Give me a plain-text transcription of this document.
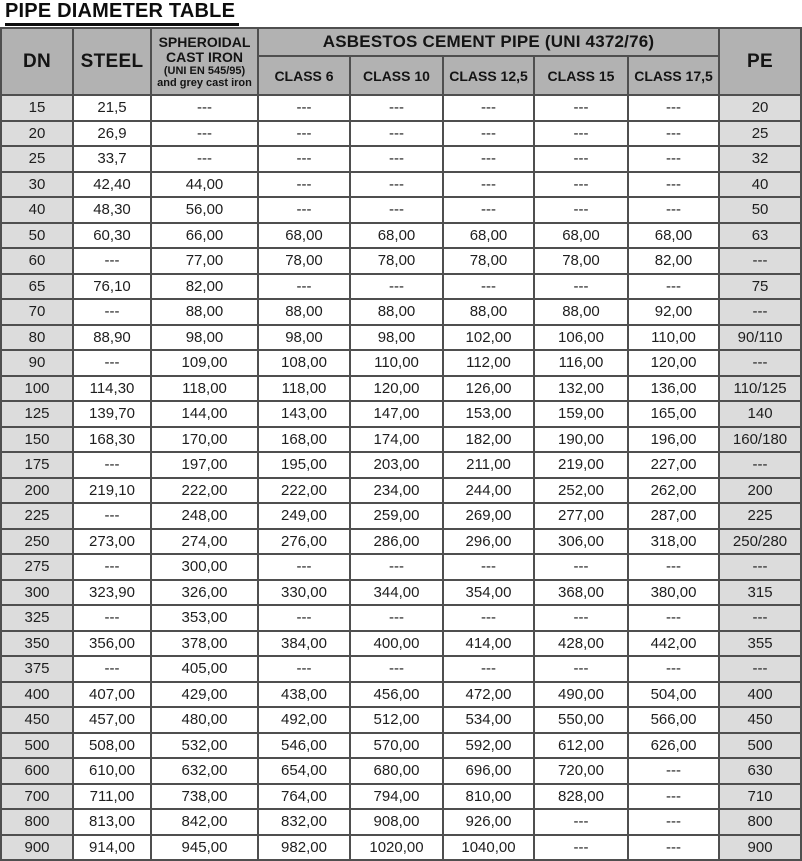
PIPE DIAMETER TABLE
DN	STEEL	SPHEROIDAL
CAST IRON
(UNI EN 545/95)
and grey cast iron	ASBESTOS CEMENT PIPE (UNI 4372/76)					PE
			CLASS 6	CLASS 10	CLASS 12,5	CLASS 15	CLASS 17,5	
15	21,5	---	---	---	---	---	---	20
20	26,9	---	---	---	---	---	---	25
25	33,7	---	---	---	---	---	---	32
30	42,40	44,00	---	---	---	---	---	40
40	48,30	56,00	---	---	---	---	---	50
50	60,30	66,00	68,00	68,00	68,00	68,00	68,00	63
60	---	77,00	78,00	78,00	78,00	78,00	82,00	---
65	76,10	82,00	---	---	---	---	---	75
70	---	88,00	88,00	88,00	88,00	88,00	92,00	---
80	88,90	98,00	98,00	98,00	102,00	106,00	110,00	90/110
90	---	109,00	108,00	110,00	112,00	116,00	120,00	---
100	114,30	118,00	118,00	120,00	126,00	132,00	136,00	110/125
125	139,70	144,00	143,00	147,00	153,00	159,00	165,00	140
150	168,30	170,00	168,00	174,00	182,00	190,00	196,00	160/180
175	---	197,00	195,00	203,00	211,00	219,00	227,00	---
200	219,10	222,00	222,00	234,00	244,00	252,00	262,00	200
225	---	248,00	249,00	259,00	269,00	277,00	287,00	225
250	273,00	274,00	276,00	286,00	296,00	306,00	318,00	250/280
275	---	300,00	---	---	---	---	---	---
300	323,90	326,00	330,00	344,00	354,00	368,00	380,00	315
325	---	353,00	---	---	---	---	---	---
350	356,00	378,00	384,00	400,00	414,00	428,00	442,00	355
375	---	405,00	---	---	---	---	---	---
400	407,00	429,00	438,00	456,00	472,00	490,00	504,00	400
450	457,00	480,00	492,00	512,00	534,00	550,00	566,00	450
500	508,00	532,00	546,00	570,00	592,00	612,00	626,00	500
600	610,00	632,00	654,00	680,00	696,00	720,00	---	630
700	711,00	738,00	764,00	794,00	810,00	828,00	---	710
800	813,00	842,00	832,00	908,00	926,00	---	---	800
900	914,00	945,00	982,00	1020,00	1040,00	---	---	900
